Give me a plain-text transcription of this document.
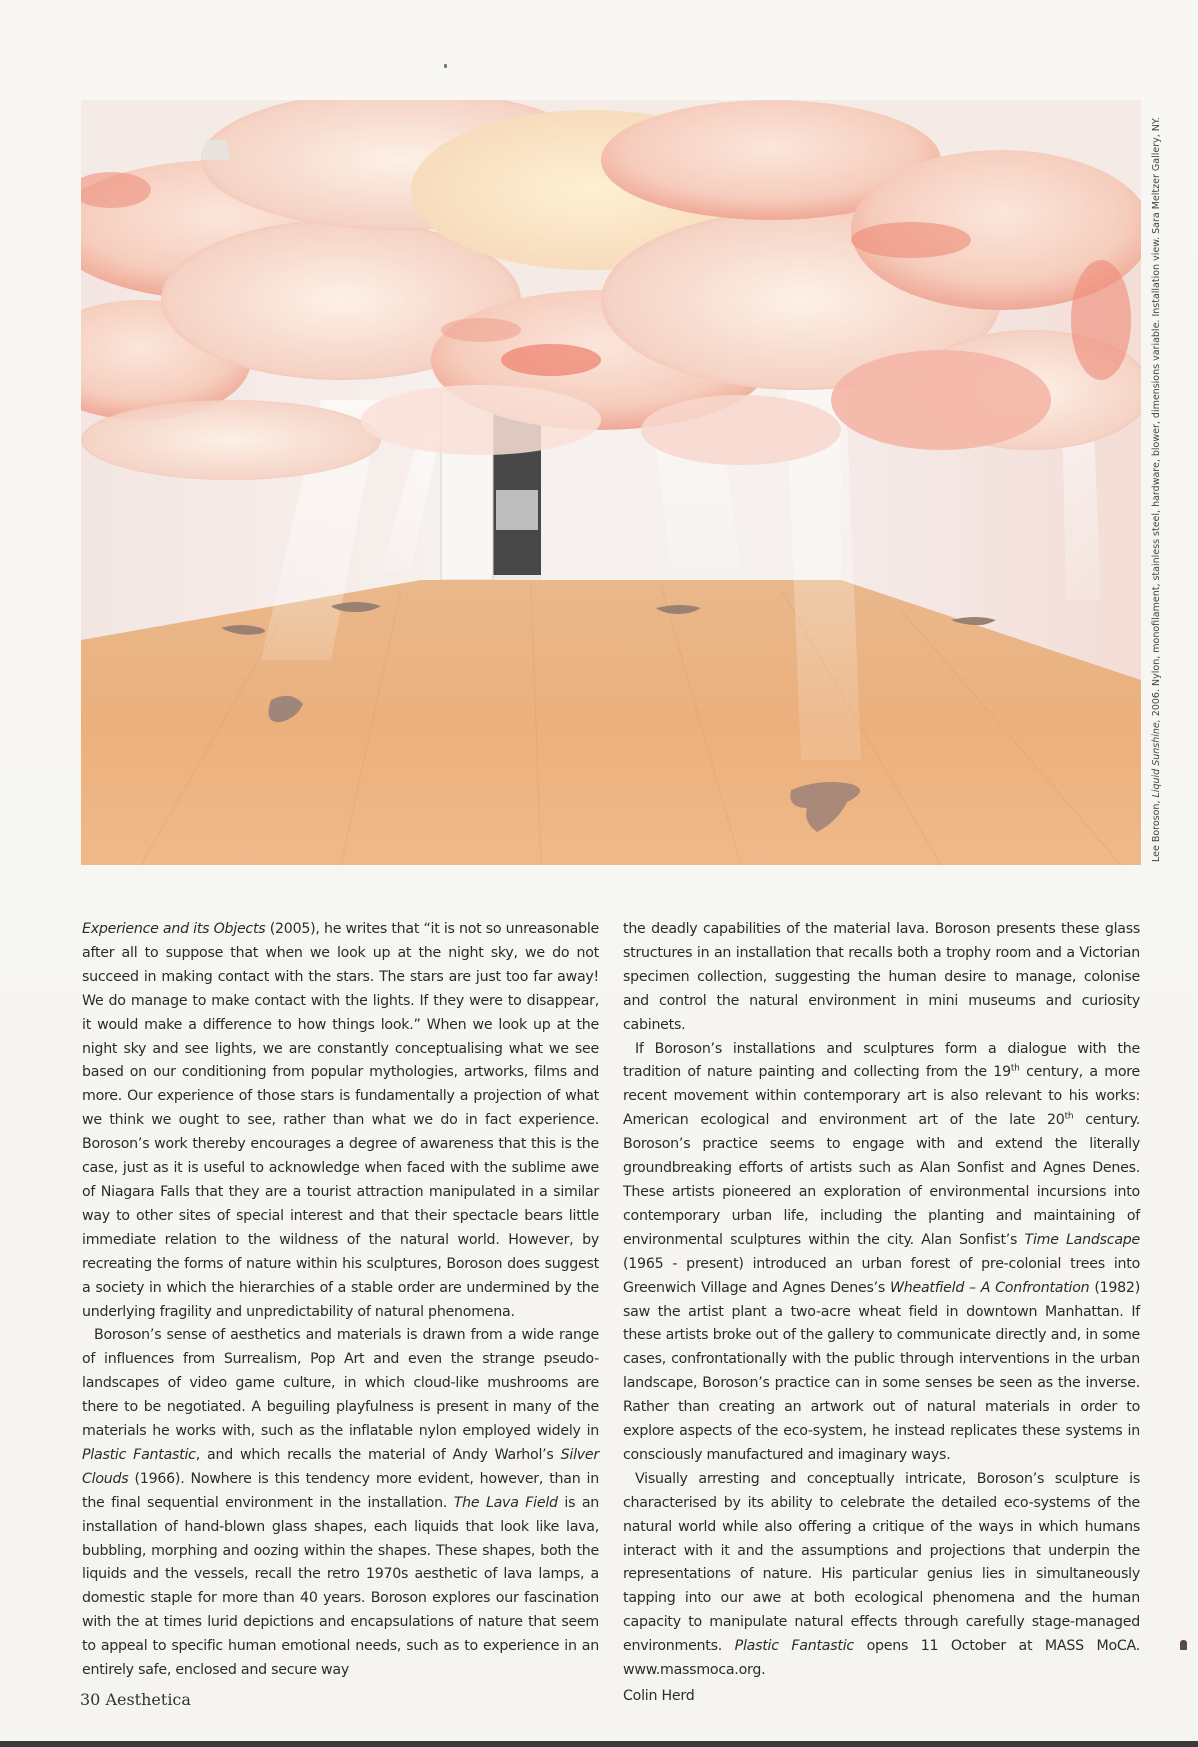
Lee Boroson, Liquid Sunshine, 2006. Nylon, monofilament, stainless steel, hardware, blower, dimensions variable. Installation view. Sara Meltzer Gallery, NY.

Experience and its Objects (2005), he writes that “it is not so unreasonable after all to suppose that when we look up at the night sky, we do not succeed in making contact with the stars. The stars are just too far away! We do manage to make contact with the lights. If they were to disappear, it would make a difference to how things look.” When we look up at the night sky and see lights, we are constantly conceptualising what we see based on our conditioning from popular mythologies, artworks, films and more. Our experience of those stars is fundamentally a projection of what we think we ought to see, rather than what we do in fact experience. Boroson’s work thereby encourages a degree of awareness that this is the case, just as it is useful to acknowledge when faced with the sublime awe of Niagara Falls that they are a tourist attraction manipulated in a similar way to other sites of special interest and that their spectacle bears little immediate relation to the wildness of the natural world. However, by recreating the forms of nature within his sculptures, Boroson does suggest a society in which the hierarchies of a stable order are undermined by the underlying fragility and unpredictability of natural phenomena.

Boroson’s sense of aesthetics and materials is drawn from a wide range of influences from Surrealism, Pop Art and even the strange pseudo-landscapes of video game culture, in which cloud-like mushrooms are there to be negotiated. A beguiling playfulness is present in many of the materials he works with, such as the inflatable nylon employed widely in Plastic Fantastic, and which recalls the material of Andy Warhol’s Silver Clouds (1966). Nowhere is this tendency more evident, however, than in the final sequential environment in the installation. The Lava Field is an installation of hand-blown glass shapes, each liquids that look like lava, bubbling, morphing and oozing within the shapes. These shapes, both the liquids and the vessels, recall the retro 1970s aesthetic of lava lamps, a domestic staple for more than 40 years. Boroson explores our fascination with the at times lurid depictions and encapsulations of nature that seem to appeal to specific human emotional needs, such as to experience in an entirely safe, enclosed and secure way

the deadly capabilities of the material lava. Boroson presents these glass structures in an installation that recalls both a trophy room and a Victorian specimen collection, suggesting the human desire to manage, colonise and control the natural environment in mini museums and curiosity cabinets.

If Boroson’s installations and sculptures form a dialogue with the tradition of nature painting and collecting from the 19th century, a more recent movement within contemporary art is also relevant to his works: American ecological and environment art of the late 20th century. Boroson’s practice seems to engage with and extend the literally groundbreaking efforts of artists such as Alan Sonfist and Agnes Denes. These artists pioneered an exploration of environmental incursions into contemporary urban life, including the planting and maintaining of environmental sculptures within the city. Alan Sonfist’s Time Landscape (1965 - present) introduced an urban forest of pre-colonial trees into Greenwich Village and Agnes Denes’s Wheatfield – A Confrontation (1982) saw the artist plant a two-acre wheat field in downtown Manhattan. If these artists broke out of the gallery to communicate directly and, in some cases, confrontationally with the public through interventions in the urban landscape, Boroson’s practice can in some senses be seen as the inverse. Rather than creating an artwork out of natural materials in order to explore aspects of the eco-system, he instead replicates these systems in consciously manufactured and imaginary ways.

Visually arresting and conceptually intricate, Boroson’s sculpture is characterised by its ability to celebrate the detailed eco-systems of the natural world while also offering a critique of the ways in which humans interact with it and the assumptions and projections that underpin the representations of nature. His particular genius lies in simultaneously tapping into our awe at both ecological phenomena and the human capacity to manipulate natural effects through carefully stage-managed environments. Plastic Fantastic opens 11 October at MASS MoCA. www.massmoca.org.

Colin Herd

30 Aesthetica
